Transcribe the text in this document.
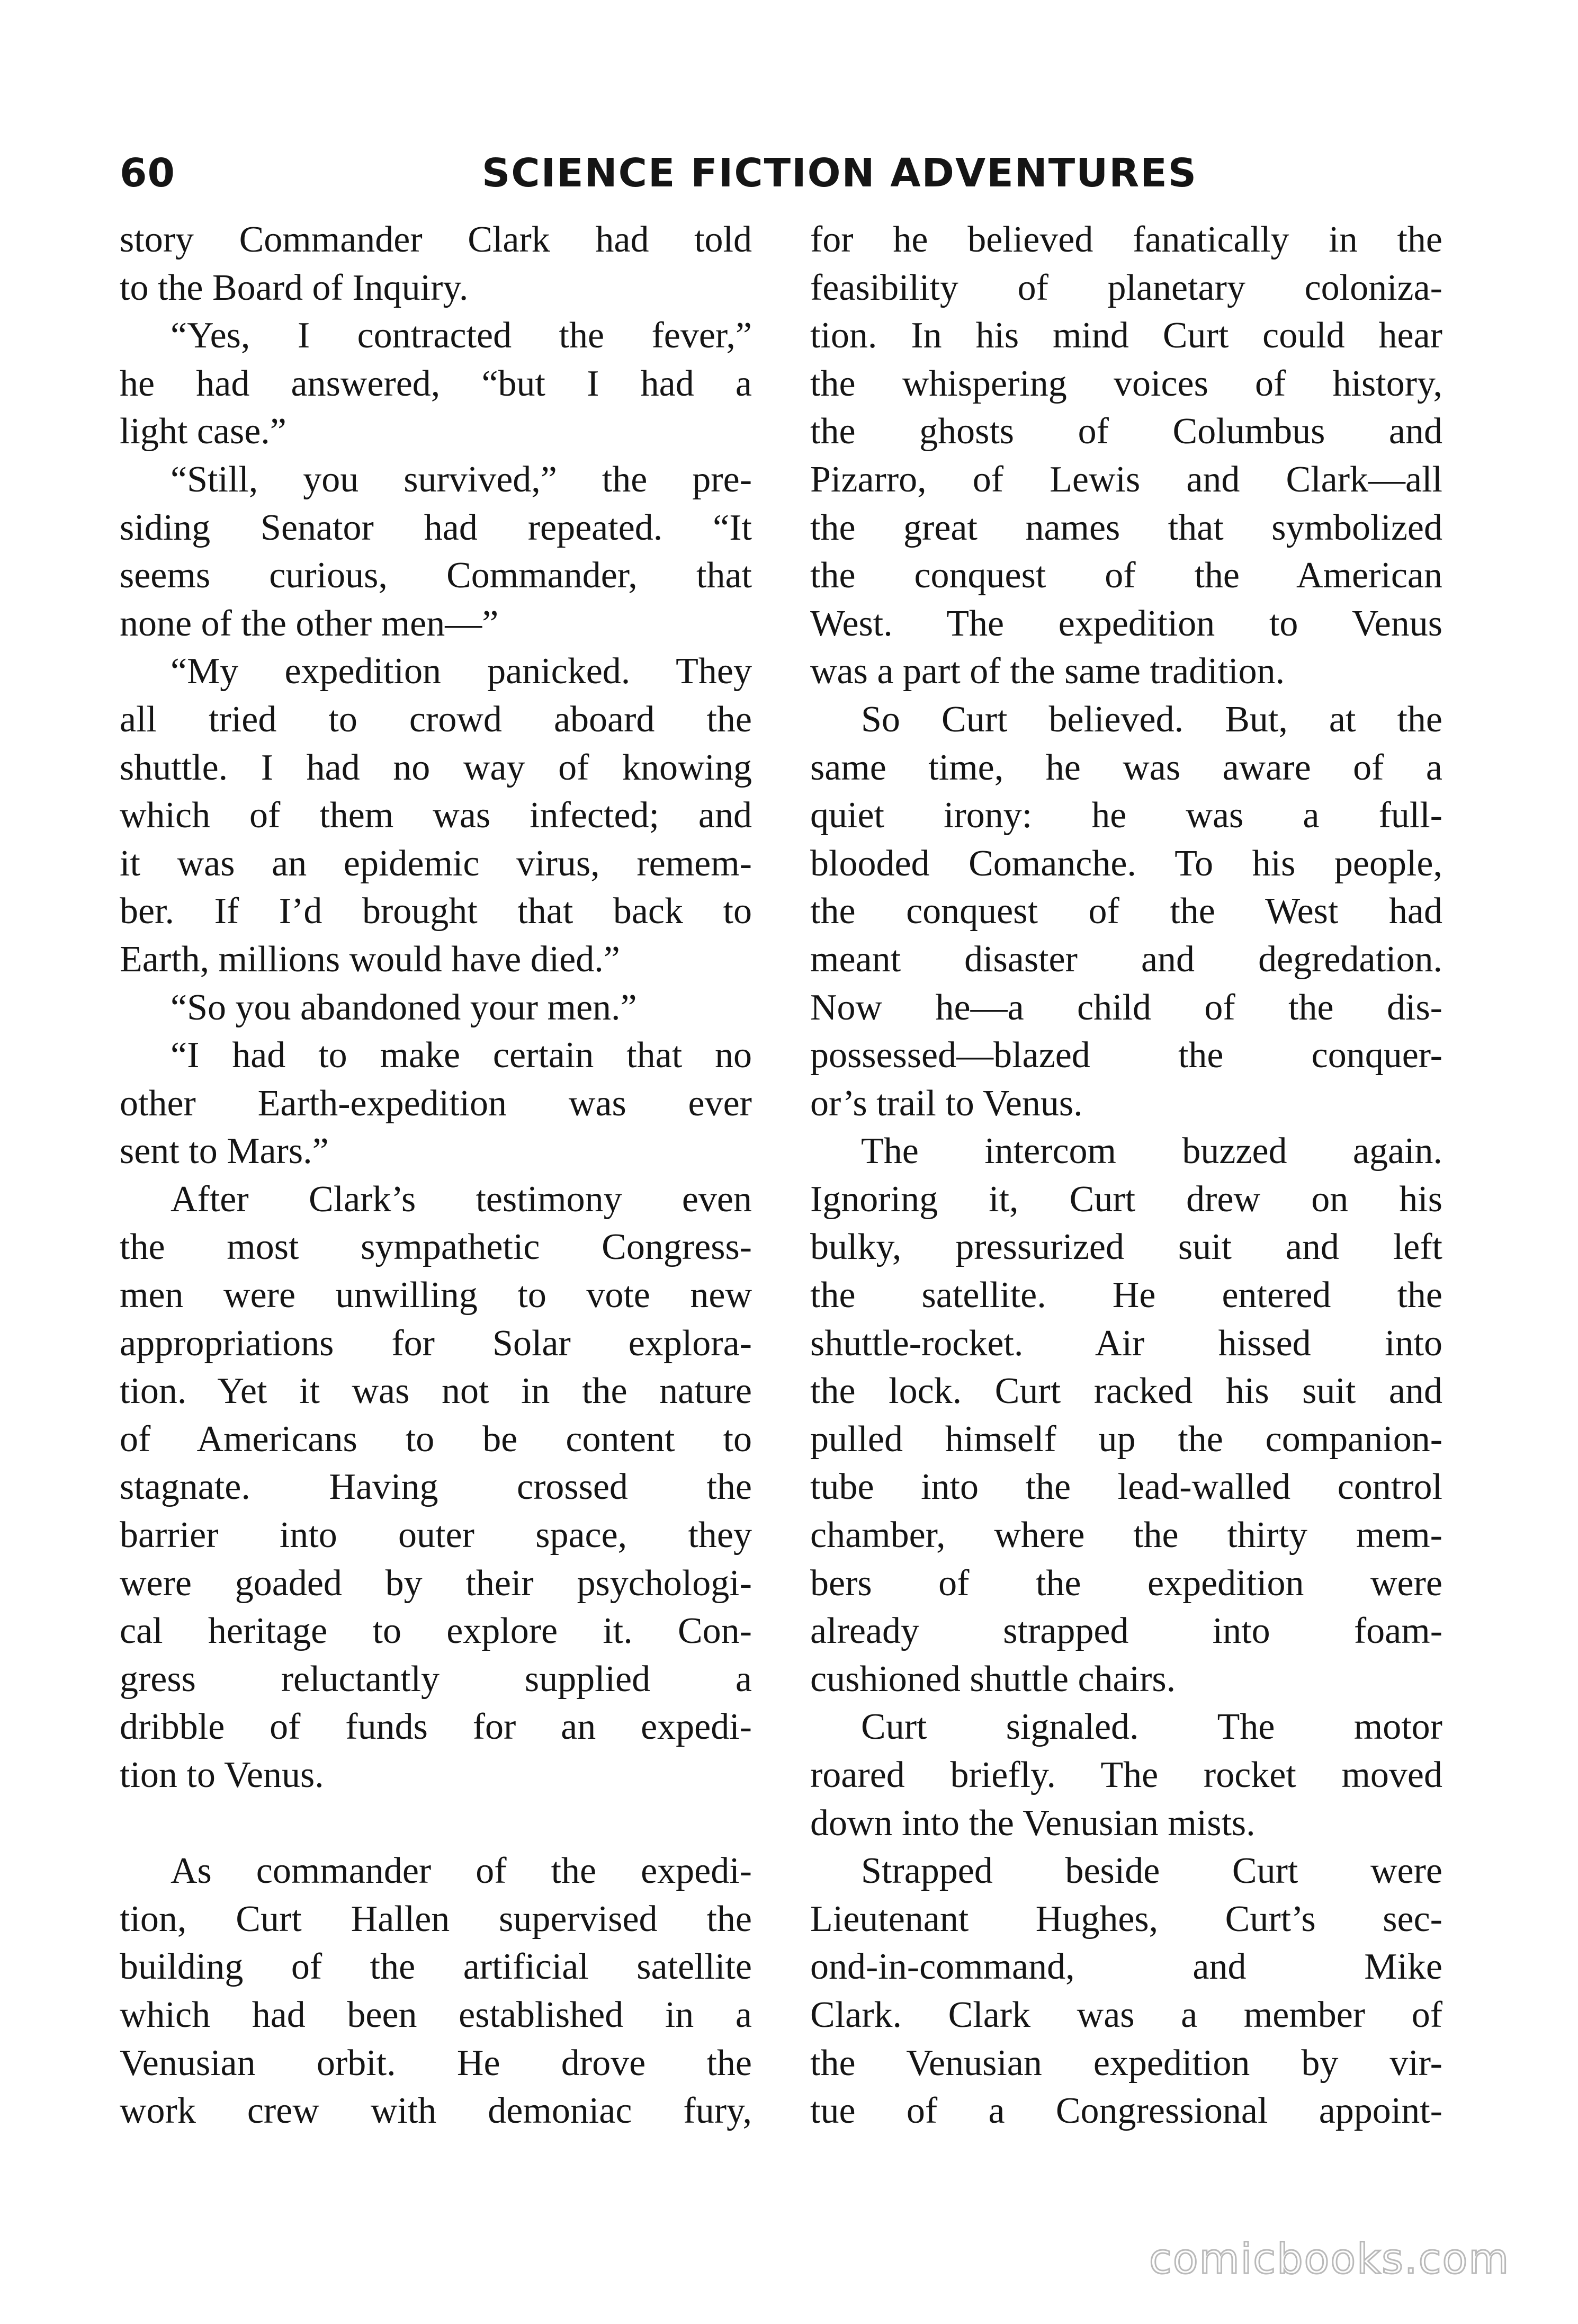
60	SCIENCE FICTION ADVENTURES
story Commander Clark had told
to the Board of Inquiry.
“Yes, I contracted the fever,”
he had answered, “but I had a
light case.”
“Still, you survived,” the pre-
siding Senator had repeated. “It
seems curious, Commander, that
none of the other men—”
“My expedition panicked. They
all tried to crowd aboard the
shuttle. I had no way of knowing
which of them was infected; and
it was an epidemic virus, remem-
ber. If I’d brought that back to
Earth, millions would have died.”
“So you abandoned your men.”
“I had to make certain that no
other Earth-expedition was ever
sent to Mars.”
After Clark’s testimony even
the most sympathetic Congress-
men were unwilling to vote new
appropriations for Solar explora-
tion. Yet it was not in the nature
of Americans to be content to
stagnate. Having crossed the
barrier into outer space, they
were goaded by their psychologi-
cal heritage to explore it. Con-
gress reluctantly supplied a
dribble of funds for an expedi-
tion to Venus.
As commander of the expedi-
tion, Curt Hallen supervised the
building of the artificial satellite
which had been established in a
Venusian orbit. He drove the
work crew with demoniac fury,
for he believed fanatically in the
feasibility of planetary coloniza-
tion. In his mind Curt could hear
the whispering voices of history,
the ghosts of Columbus and
Pizarro, of Lewis and Clark—all
the great names that symbolized
the conquest of the American
West. The expedition to Venus
was a part of the same tradition.
So Curt believed. But, at the
same time, he was aware of a
quiet irony: he was a full-
blooded Comanche. To his people,
the conquest of the West had
meant disaster and degredation.
Now he—a child of the dis-
possessed—blazed the conquer-
or’s trail to Venus.
The intercom buzzed again.
Ignoring it, Curt drew on his
bulky, pressurized suit and left
the satellite. He entered the
shuttle-rocket. Air hissed into
the lock. Curt racked his suit and
pulled himself up the companion-
tube into the lead-walled control
chamber, where the thirty mem-
bers of the expedition were
already strapped into foam-
cushioned shuttle chairs.
Curt signaled. The motor
roared briefly. The rocket moved
down into the Venusian mists.
Strapped beside Curt were
Lieutenant Hughes, Curt’s sec-
ond-in-command, and Mike
Clark. Clark was a member of
the Venusian expedition by vir-
tue of a Congressional appoint-
comicbooks.com
